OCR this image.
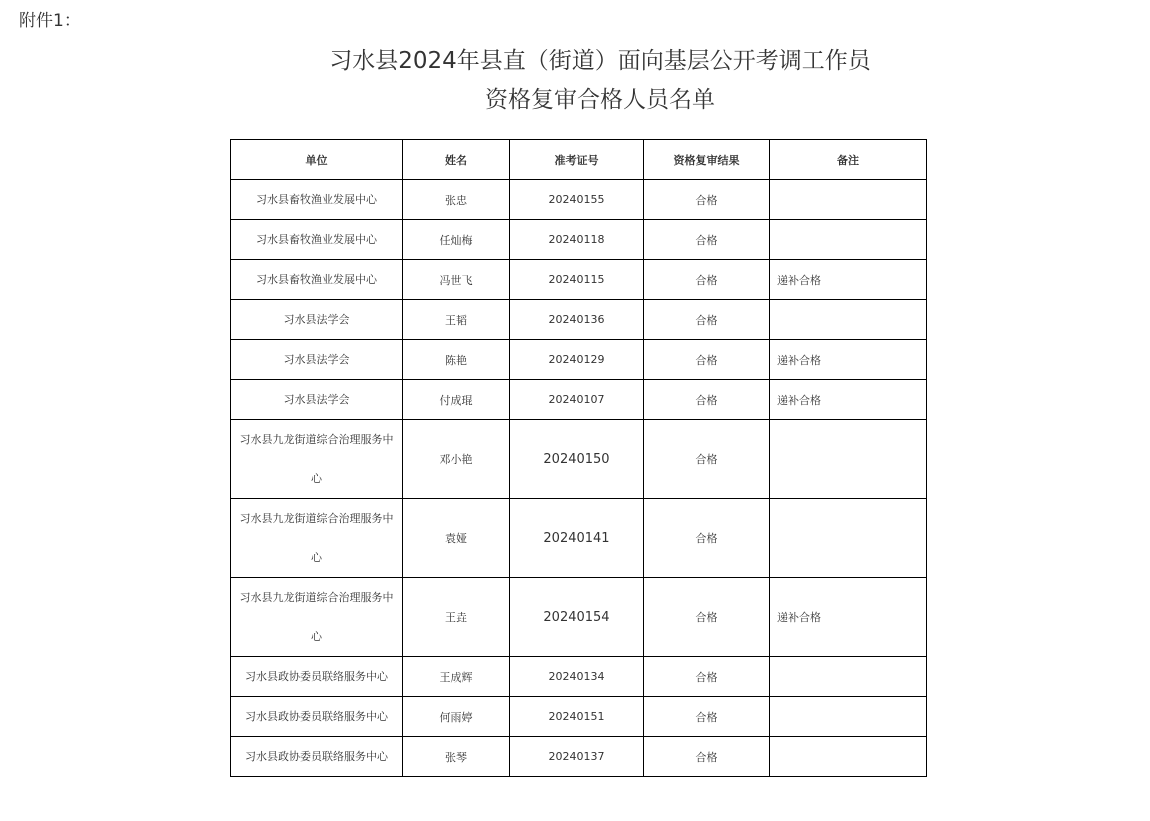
附件1：
习水县2024年县直（街道）面向基层公开考调工作员
资格复审合格人员名单
单位	姓名	准考证号	资格复审结果	备注
习水县畜牧渔业发展中心	张忠	20240155	合格	
习水县畜牧渔业发展中心	任灿梅	20240118	合格	
习水县畜牧渔业发展中心	冯世飞	20240115	合格	递补合格
习水县法学会	王韬	20240136	合格	
习水县法学会	陈艳	20240129	合格	递补合格
习水县法学会	付成琨	20240107	合格	递补合格
习水县九龙街道综合治理服务中心	邓小艳	20240150	合格	
习水县九龙街道综合治理服务中心	袁娅	20240141	合格	
习水县九龙街道综合治理服务中心	王垚	20240154	合格	递补合格
习水县政协委员联络服务中心	王成辉	20240134	合格	
习水县政协委员联络服务中心	何雨婷	20240151	合格	
习水县政协委员联络服务中心	张琴	20240137	合格	
